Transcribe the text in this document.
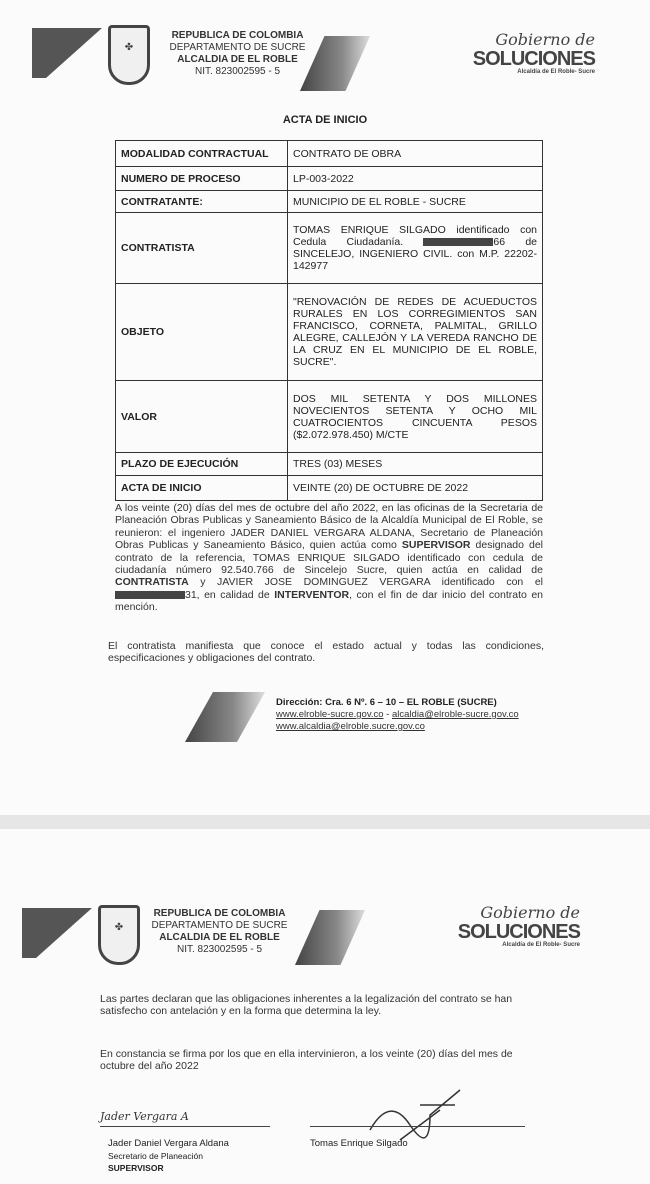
✤
REPUBLICA DE COLOMBIA
DEPARTAMENTO DE SUCRE
ALCALDIA DE EL ROBLE
NIT. 823002595 - 5
Gobierno de
SOLUCIONES
Alcaldía de El Roble- Sucre
ACTA DE INICIO
MODALIDAD CONTRACTUAL	CONTRATO DE OBRA
NUMERO DE PROCESO	LP-003-2022
CONTRATANTE:	MUNICIPIO DE EL ROBLE - SUCRE
CONTRATISTA	TOMAS ENRIQUE SILGADO identificado con Cedula Ciudadanía. 66 de SINCELEJO, INGENIERO CIVIL. con M.P. 22202-142977
OBJETO	"RENOVACIÓN DE REDES DE ACUEDUCTOS RURALES EN LOS CORREGIMIENTOS SAN FRANCISCO, CORNETA, PALMITAL, GRILLO ALEGRE, CALLEJÓN Y LA VEREDA RANCHO DE LA CRUZ EN EL MUNICIPIO DE EL ROBLE, SUCRE".
VALOR	DOS MIL SETENTA Y DOS MILLONES NOVECIENTOS SETENTA Y OCHO MIL CUATROCIENTOS CINCUENTA PESOS ($2.072.978.450) M/CTE
PLAZO DE EJECUCIÓN	TRES (03) MESES
ACTA DE INICIO	VEINTE (20) DE OCTUBRE DE 2022
A los veinte (20) días del mes de octubre del año 2022, en las oficinas de la Secretaria de Planeación Obras Publicas y Saneamiento Básico de la Alcaldía Municipal de El Roble, se reunieron: el ingeniero JADER DANIEL VERGARA ALDANA, Secretario de Planeación Obras Publicas y Saneamiento Básico, quien actúa como SUPERVISOR designado del contrato de la referencia, TOMAS ENRIQUE SILGADO identificado con cedula de ciudadanía número 92.540.766 de Sincelejo Sucre, quien actúa en calidad de CONTRATISTA y JAVIER JOSE DOMINGUEZ VERGARA identificado con el 31, en calidad de INTERVENTOR, con el fin de dar inicio del contrato en mención.
El contratista manifiesta que conoce el estado actual y todas las condiciones, especificaciones y obligaciones del contrato.
Dirección: Cra. 6 Nº. 6 – 10 – EL ROBLE (SUCRE)
www.elroble-sucre.gov.co - alcaldia@elroble-sucre.gov.co
www.alcaldia@elroble.sucre.gov.co
✤
REPUBLICA DE COLOMBIA
DEPARTAMENTO DE SUCRE
ALCALDIA DE EL ROBLE
NIT. 823002595 - 5
Gobierno de
SOLUCIONES
Alcaldía de El Roble- Sucre
Las partes declaran que las obligaciones inherentes a la legalización del contrato se han satisfecho con antelación y en la forma que determina la ley.
En constancia se firma por los que en ella intervinieron, a los veinte (20) días del mes de octubre del año 2022
Jader Vergara A
Jader Daniel Vergara Aldana
Secretario de Planeación
SUPERVISOR
Tomas Enrique Silgado
